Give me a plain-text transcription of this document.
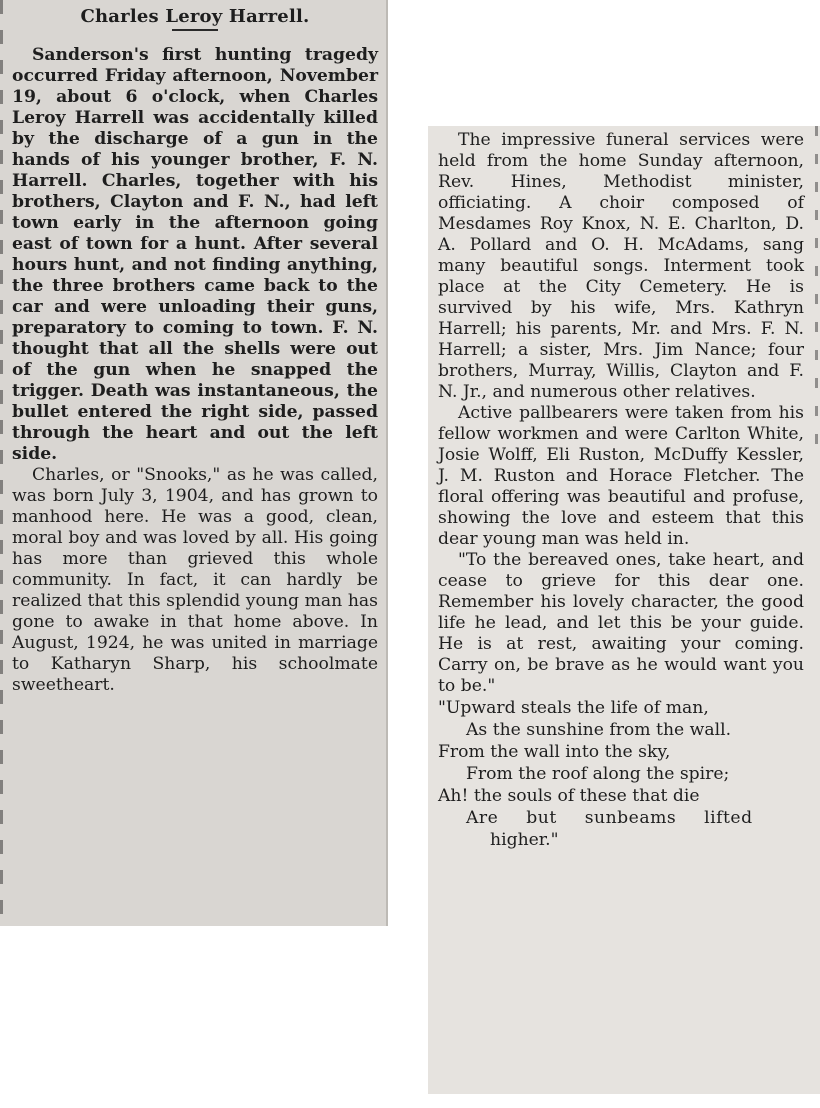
Charles Leroy Harrell.

Sanderson's first hunting tragedy occurred Friday afternoon, November 19, about 6 o'clock, when Charles Leroy Harrell was accidentally killed by the discharge of a gun in the hands of his younger brother, F. N. Harrell. Charles, together with his brothers, Clayton and F. N., had left town early in the afternoon going east of town for a hunt. After several hours hunt, and not finding anything, the three brothers came back to the car and were unloading their guns, preparatory to coming to town. F. N. thought that all the shells were out of the gun when he snapped the trigger. Death was instantaneous, the bullet entered the right side, passed through the heart and out the left side.

Charles, or "Snooks," as he was called, was born July 3, 1904, and has grown to manhood here. He was a good, clean, moral boy and was loved by all. His going has more than grieved this whole community. In fact, it can hardly be realized that this splendid young man has gone to awake in that home above. In August, 1924, he was united in marriage to Katharyn Sharp, his schoolmate sweetheart.

The impressive funeral services were held from the home Sunday afternoon, Rev. Hines, Methodist minister, officiating. A choir composed of Mesdames Roy Knox, N. E. Charlton, D. A. Pollard and O. H. McAdams, sang many beautiful songs. Interment took place at the City Cemetery. He is survived by his wife, Mrs. Kathryn Harrell; his parents, Mr. and Mrs. F. N. Harrell; a sister, Mrs. Jim Nance; four brothers, Murray, Willis, Clayton and F. N. Jr., and numerous other relatives.

Active pallbearers were taken from his fellow workmen and were Carlton White, Josie Wolff, Eli Ruston, McDuffy Kessler, J. M. Ruston and Horace Fletcher. The floral offering was beautiful and profuse, showing the love and esteem that this dear young man was held in.

"To the bereaved ones, take heart, and cease to grieve for this dear one. Remember his lovely character, the good life he lead, and let this be your guide. He is at rest, awaiting your coming. Carry on, be brave as he would want you to be."

"Upward steals the life of man,
As the sunshine from the wall.
From the wall into the sky,
From the roof along the spire;
Ah! the souls of these that die
Are but sunbeams lifted
higher."
